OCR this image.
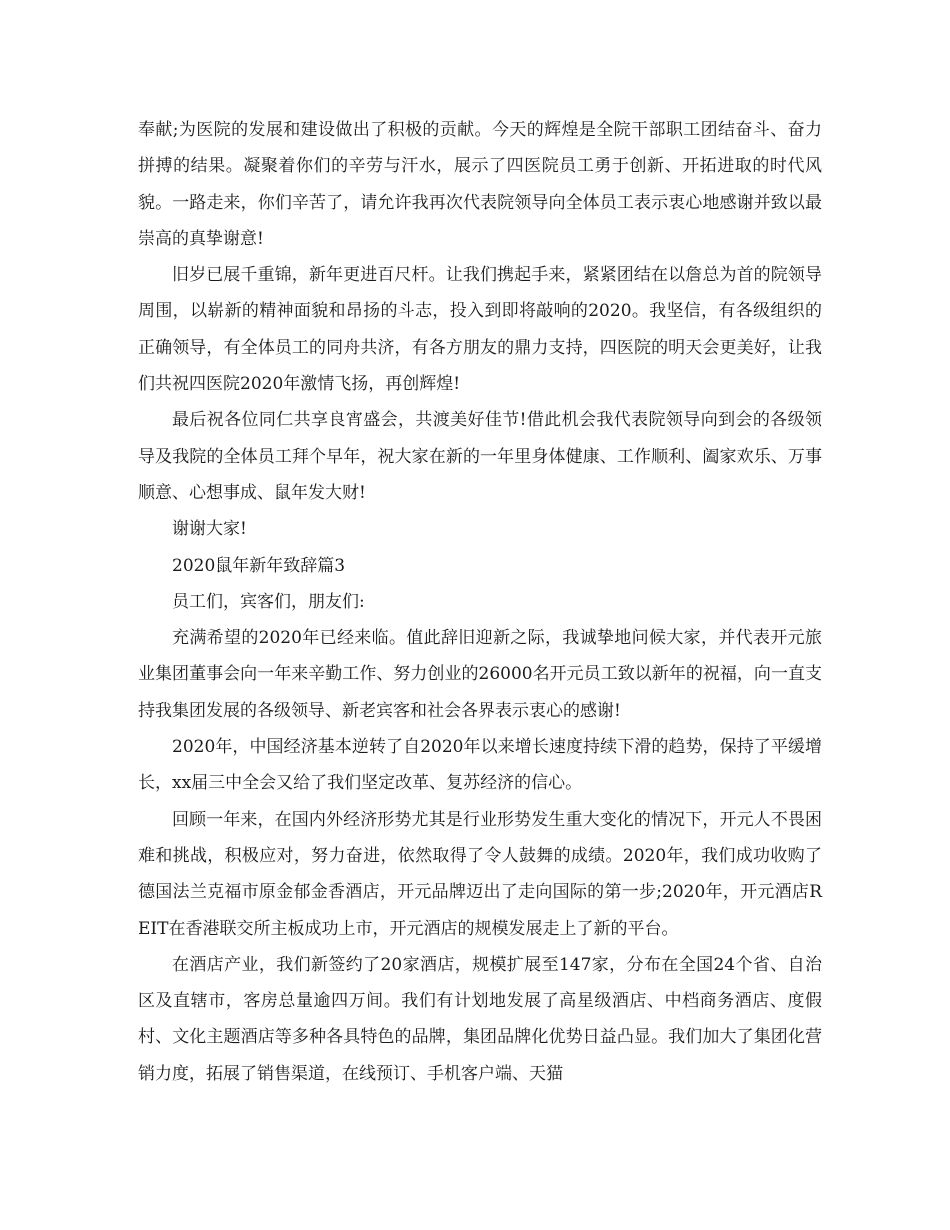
奉献;为医院的发展和建设做出了积极的贡献。今天的辉煌是全院干部职工团结奋斗、奋力拼搏的结果。凝聚着你们的辛劳与汗水，展示了四医院员工勇于创新、开拓进取的时代风貌。一路走来，你们辛苦了，请允许我再次代表院领导向全体员工表示衷心地感谢并致以最崇高的真挚谢意!

旧岁已展千重锦，新年更进百尺杆。让我们携起手来，紧紧团结在以詹总为首的院领导周围，以崭新的精神面貌和昂扬的斗志，投入到即将敲响的2020。我坚信，有各级组织的正确领导，有全体员工的同舟共济，有各方朋友的鼎力支持，四医院的明天会更美好，让我们共祝四医院2020年激情飞扬，再创辉煌!

最后祝各位同仁共享良宵盛会，共渡美好佳节!借此机会我代表院领导向到会的各级领导及我院的全体员工拜个早年，祝大家在新的一年里身体健康、工作顺利、阖家欢乐、万事顺意、心想事成、鼠年发大财!

谢谢大家!

2020鼠年新年致辞篇3

员工们，宾客们，朋友们:

充满希望的2020年已经来临。值此辞旧迎新之际，我诚挚地问候大家，并代表开元旅业集团董事会向一年来辛勤工作、努力创业的26000名开元员工致以新年的祝福，向一直支持我集团发展的各级领导、新老宾客和社会各界表示衷心的感谢!

2020年，中国经济基本逆转了自2020年以来增长速度持续下滑的趋势，保持了平缓增长，xx届三中全会又给了我们坚定改革、复苏经济的信心。

回顾一年来，在国内外经济形势尤其是行业形势发生重大变化的情况下，开元人不畏困难和挑战，积极应对，努力奋进，依然取得了令人鼓舞的成绩。2020年，我们成功收购了德国法兰克福市原金郁金香酒店，开元品牌迈出了走向国际的第一步;2020年，开元酒店REIT在香港联交所主板成功上市，开元酒店的规模发展走上了新的平台。

在酒店产业，我们新签约了20家酒店，规模扩展至147家，分布在全国24个省、自治区及直辖市，客房总量逾四万间。我们有计划地发展了高星级酒店、中档商务酒店、度假村、文化主题酒店等多种各具特色的品牌，集团品牌化优势日益凸显。我们加大了集团化营销力度，拓展了销售渠道，在线预订、手机客户端、天猫
